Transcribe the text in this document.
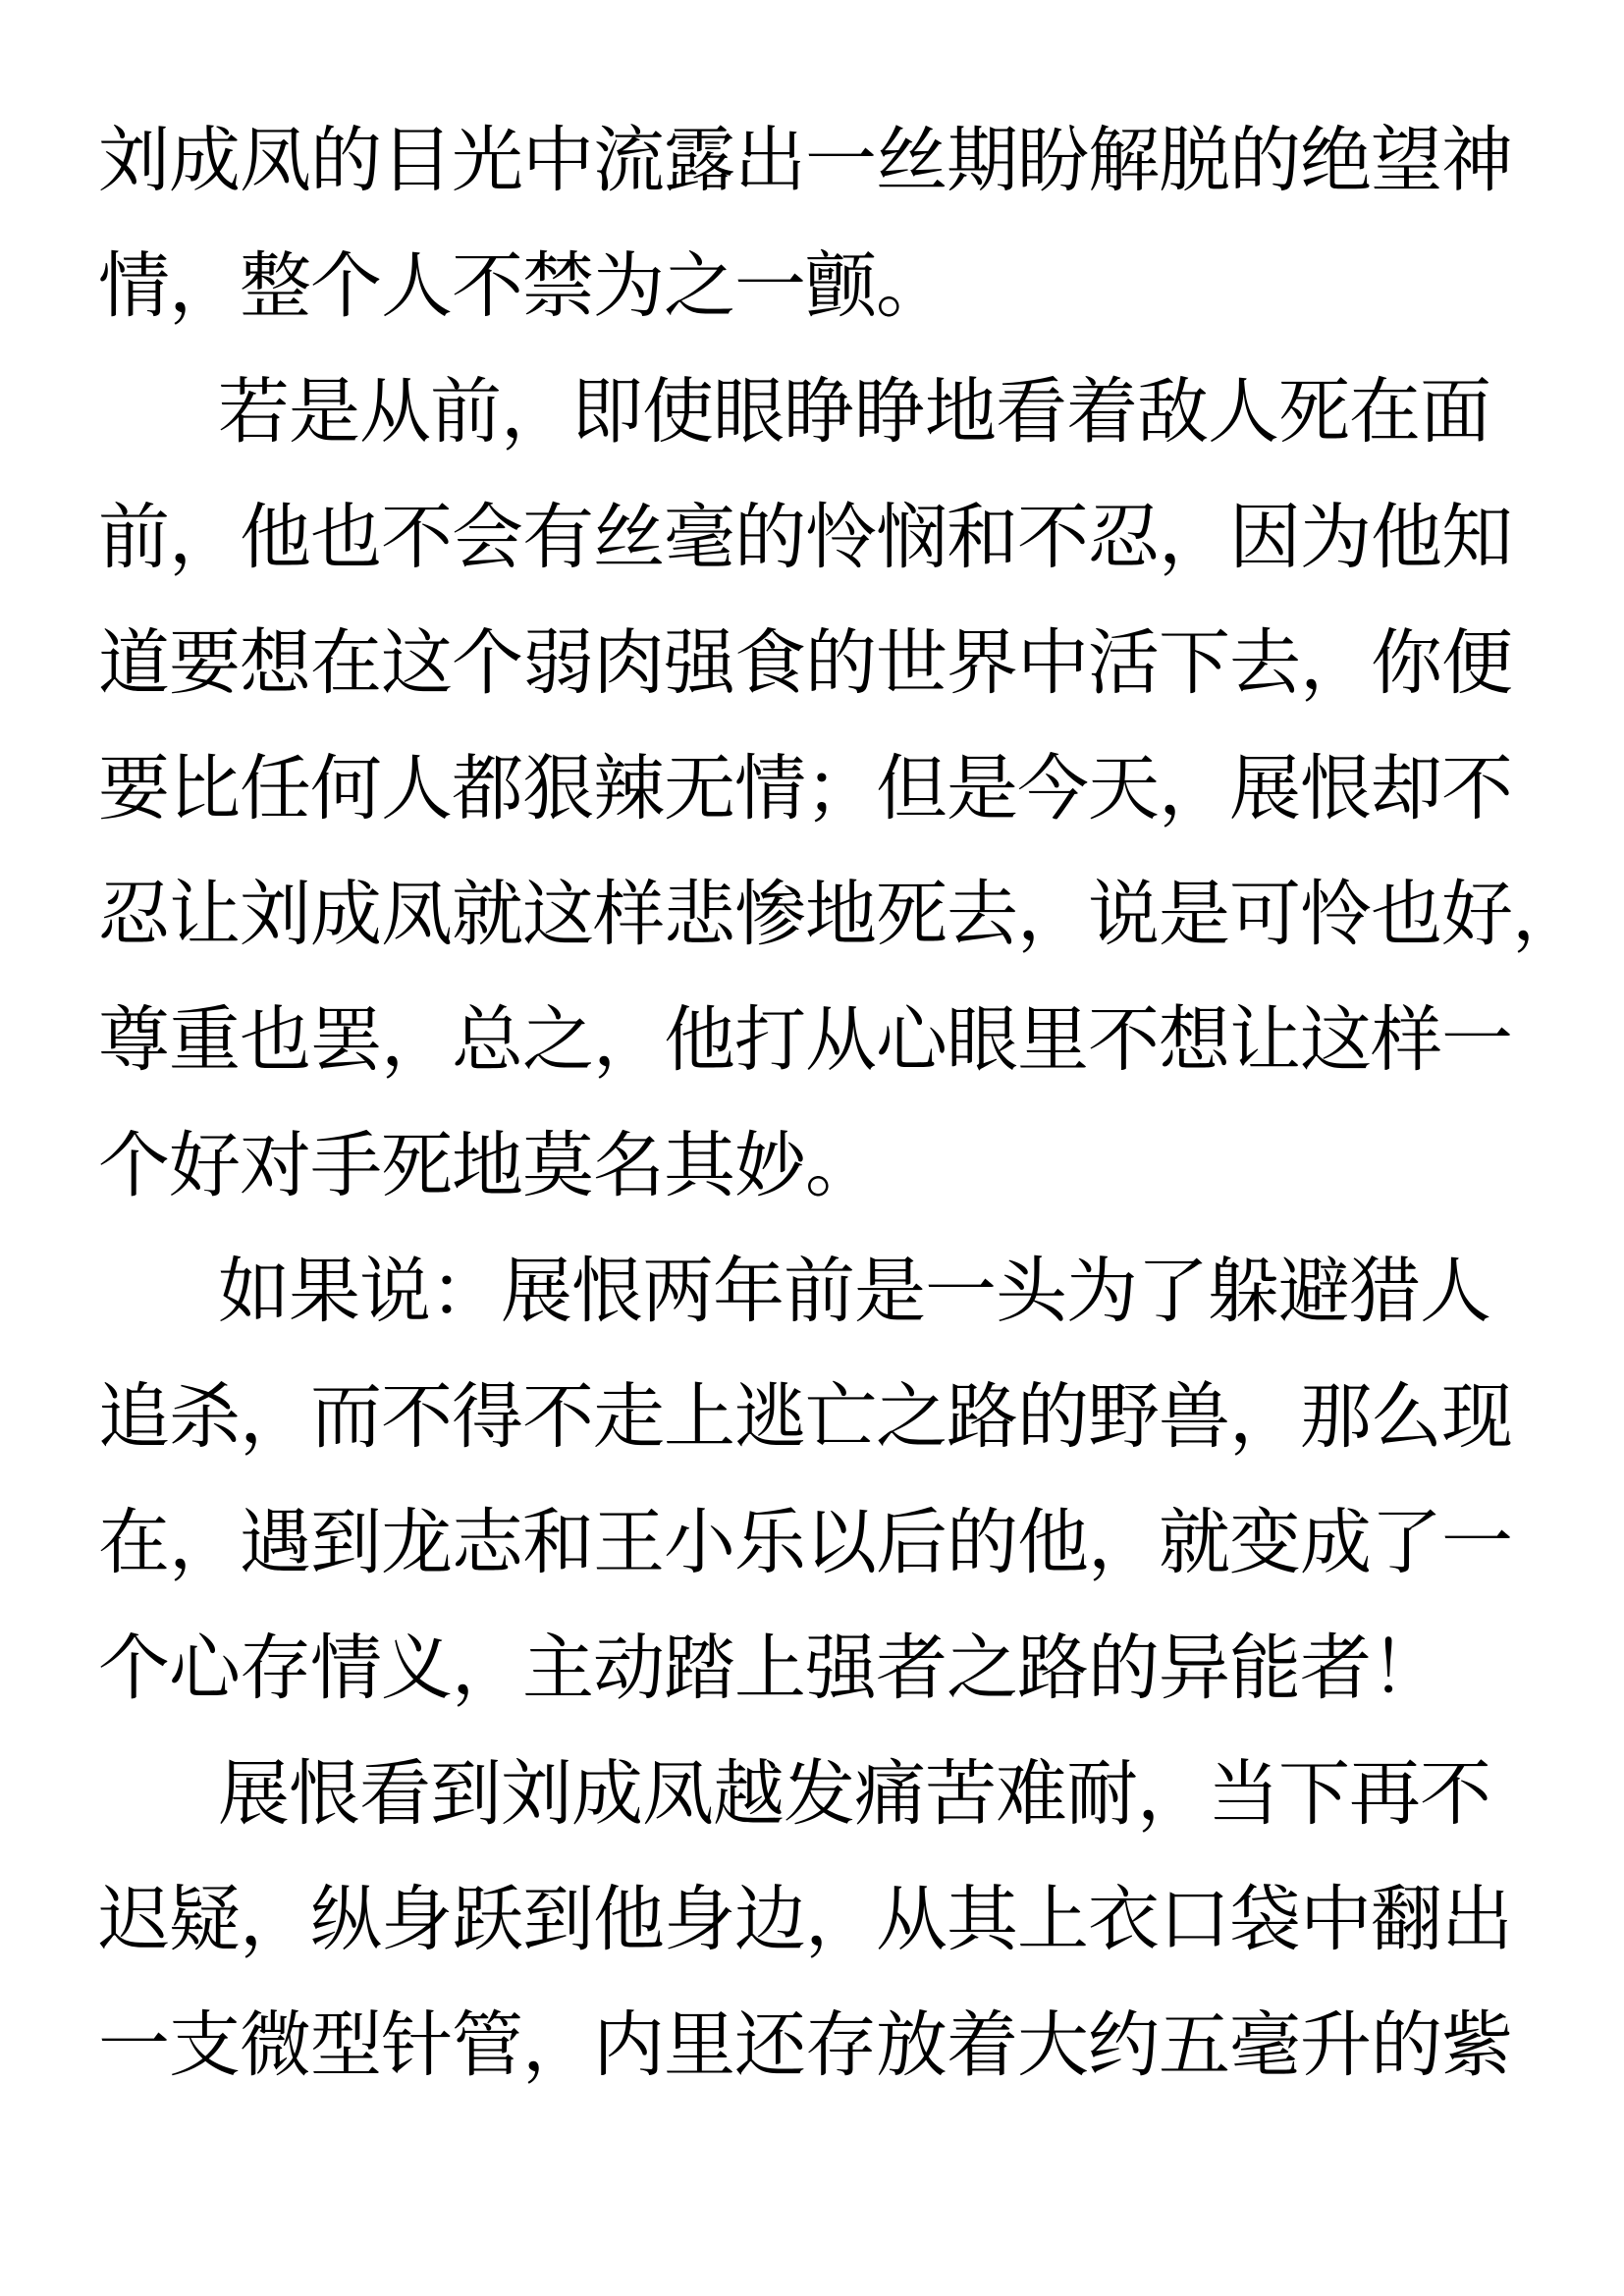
刘成凤的目光中流露出一丝期盼解脱的绝望神
情，整个人不禁为之一颤。
若是从前，即使眼睁睁地看着敌人死在面
前，他也不会有丝毫的怜悯和不忍，因为他知
道要想在这个弱肉强食的世界中活下去，你便
要比任何人都狠辣无情；但是今天，展恨却不
忍让刘成凤就这样悲惨地死去，说是可怜也好，
尊重也罢，总之，他打从心眼里不想让这样一
个好对手死地莫名其妙。
如果说：展恨两年前是一头为了躲避猎人
追杀，而不得不走上逃亡之路的野兽，那么现
在，遇到龙志和王小乐以后的他，就变成了一
个心存情义，主动踏上强者之路的异能者！
展恨看到刘成凤越发痛苦难耐，当下再不
迟疑，纵身跃到他身边，从其上衣口袋中翻出
一支微型针管，内里还存放着大约五毫升的紫
